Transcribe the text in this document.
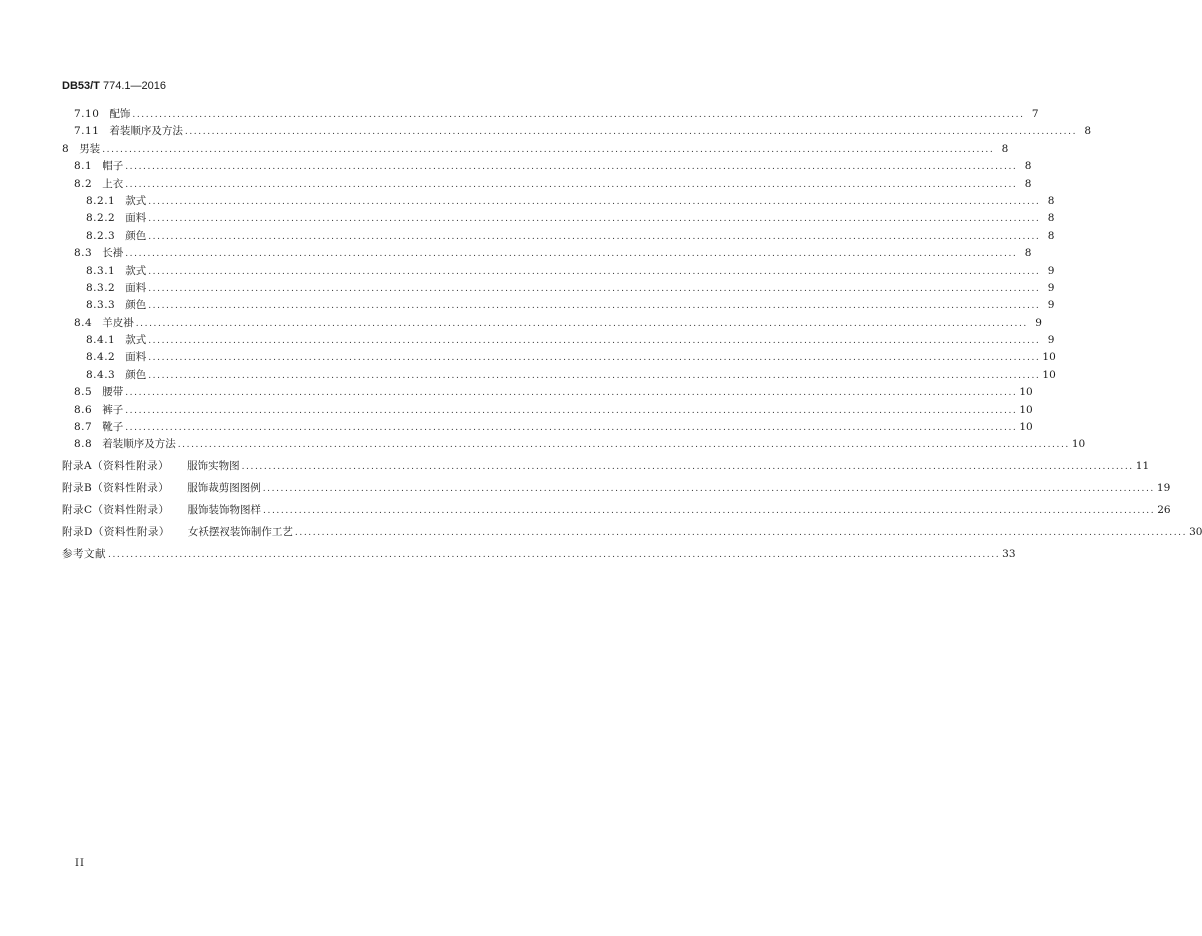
DB53/T 774.1—2016
7.10 配饰 ........................................................................................................................................................................................................ 7
7.11 着装顺序及方法 ........................................................................................................................................................................................................ 8
8 男装 ........................................................................................................................................................................................................ 8
8.1 帽子 ........................................................................................................................................................................................................ 8
8.2 上衣 ........................................................................................................................................................................................................ 8
8.2.1 款式 ........................................................................................................................................................................................................ 8
8.2.2 面料 ........................................................................................................................................................................................................ 8
8.2.3 颜色 ........................................................................................................................................................................................................ 8
8.3 长褂 ........................................................................................................................................................................................................ 8
8.3.1 款式 ........................................................................................................................................................................................................ 9
8.3.2 面料 ........................................................................................................................................................................................................ 9
8.3.3 颜色 ........................................................................................................................................................................................................ 9
8.4 羊皮褂 ........................................................................................................................................................................................................ 9
8.4.1 款式 ........................................................................................................................................................................................................ 9
8.4.2 面料 ........................................................................................................................................................................................................ 10
8.4.3 颜色 ........................................................................................................................................................................................................ 10
8.5 腰带 ........................................................................................................................................................................................................ 10
8.6 裤子 ........................................................................................................................................................................................................ 10
8.7 靴子 ........................................................................................................................................................................................................ 10
8.8 着装顺序及方法 ........................................................................................................................................................................................................ 10
附录A（资料性附录） 服饰实物图 ........................................................................................................................................................................................................ 11
附录B（资料性附录） 服饰裁剪图图例 ........................................................................................................................................................................................................ 19
附录C（资料性附录） 服饰装饰物图样 ........................................................................................................................................................................................................ 26
附录D（资料性附录） 女袄摆衩装饰制作工艺 ........................................................................................................................................................................................................ 30
参考文献 ........................................................................................................................................................................................................ 33
II
